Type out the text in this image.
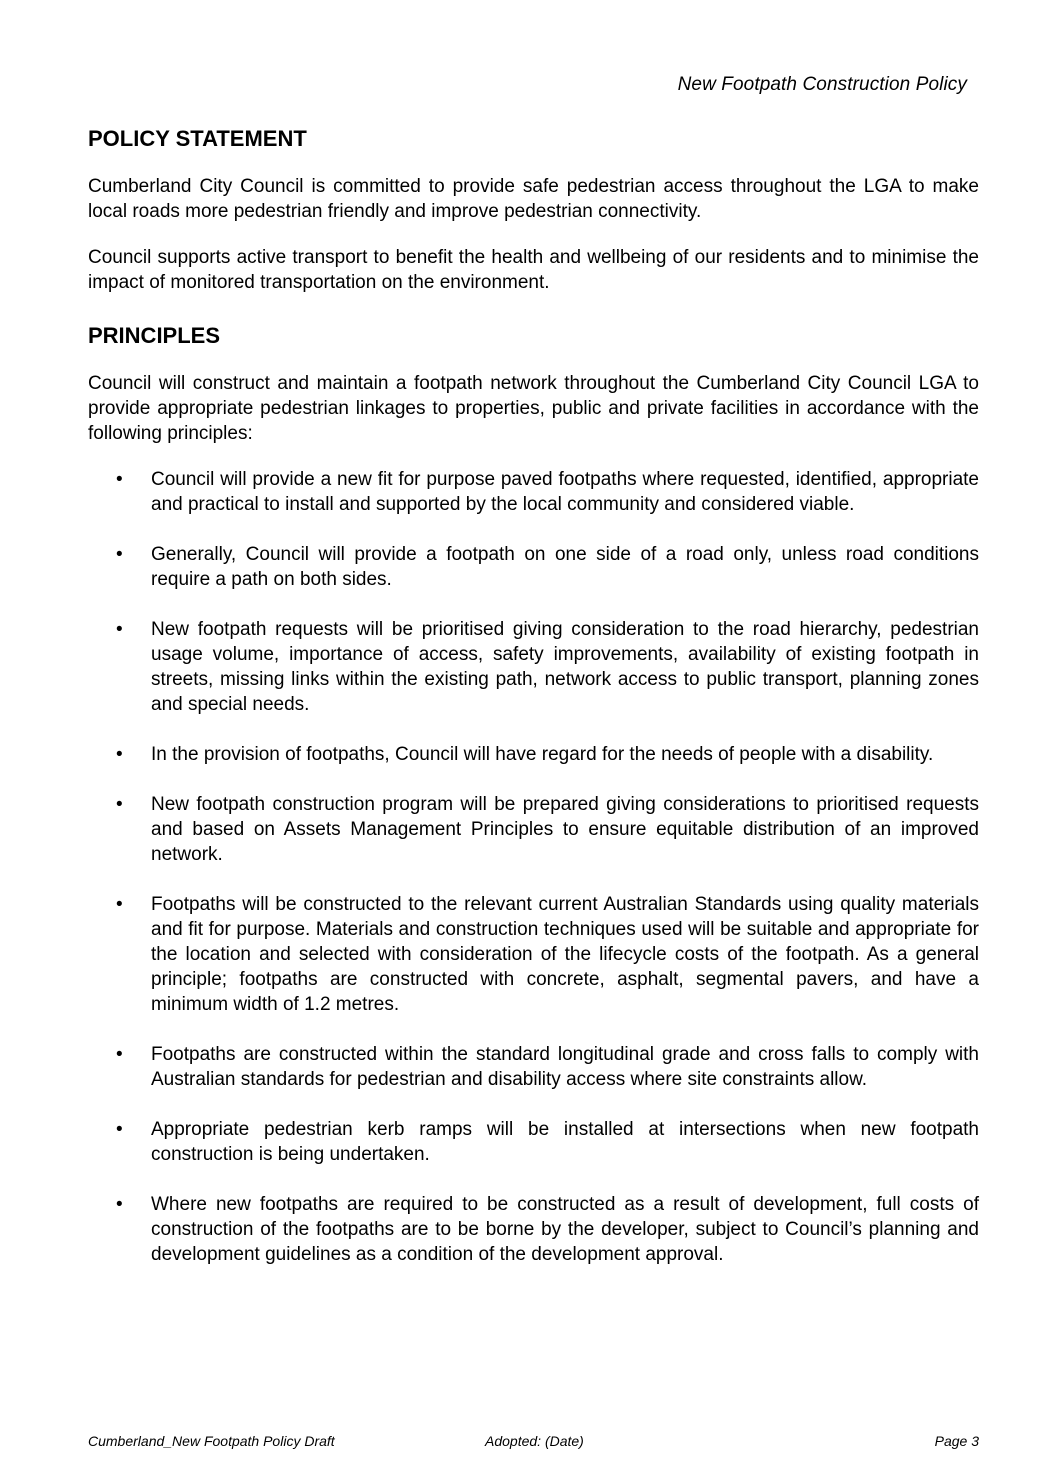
New Footpath Construction Policy
POLICY STATEMENT

Cumberland City Council is committed to provide safe pedestrian access throughout the LGA to make local roads more pedestrian friendly and improve pedestrian connectivity.

Council supports active transport to benefit the health and wellbeing of our residents and to minimise the impact of monitored transportation on the environment.

PRINCIPLES

Council will construct and maintain a footpath network throughout the Cumberland City Council LGA to provide appropriate pedestrian linkages to properties, public and private facilities in accordance with the following principles:

• Council will provide a new fit for purpose paved footpaths where requested, identified, appropriate and practical to install and supported by the local community and considered viable.
• Generally, Council will provide a footpath on one side of a road only, unless road conditions require a path on both sides.
• New footpath requests will be prioritised giving consideration to the road hierarchy, pedestrian usage volume, importance of access, safety improvements, availability of existing footpath in streets, missing links within the existing path, network access to public transport, planning zones and special needs.
• In the provision of footpaths, Council will have regard for the needs of people with a disability.
• New footpath construction program will be prepared giving considerations to prioritised requests and based on Assets Management Principles to ensure equitable distribution of an improved network.
• Footpaths will be constructed to the relevant current Australian Standards using quality materials and fit for purpose. Materials and construction techniques used will be suitable and appropriate for the location and selected with consideration of the lifecycle costs of the footpath. As a general principle; footpaths are constructed with concrete, asphalt, segmental pavers, and have a minimum width of 1.2 metres.
• Footpaths are constructed within the standard longitudinal grade and cross falls to comply with Australian standards for pedestrian and disability access where site constraints allow.
• Appropriate pedestrian kerb ramps will be installed at intersections when new footpath construction is being undertaken.
• Where new footpaths are required to be constructed as a result of development, full costs of construction of the footpaths are to be borne by the developer, subject to Council’s planning and development guidelines as a condition of the development approval.
Cumberland_New Footpath Policy Draft	Adopted: (Date)	Page 3
